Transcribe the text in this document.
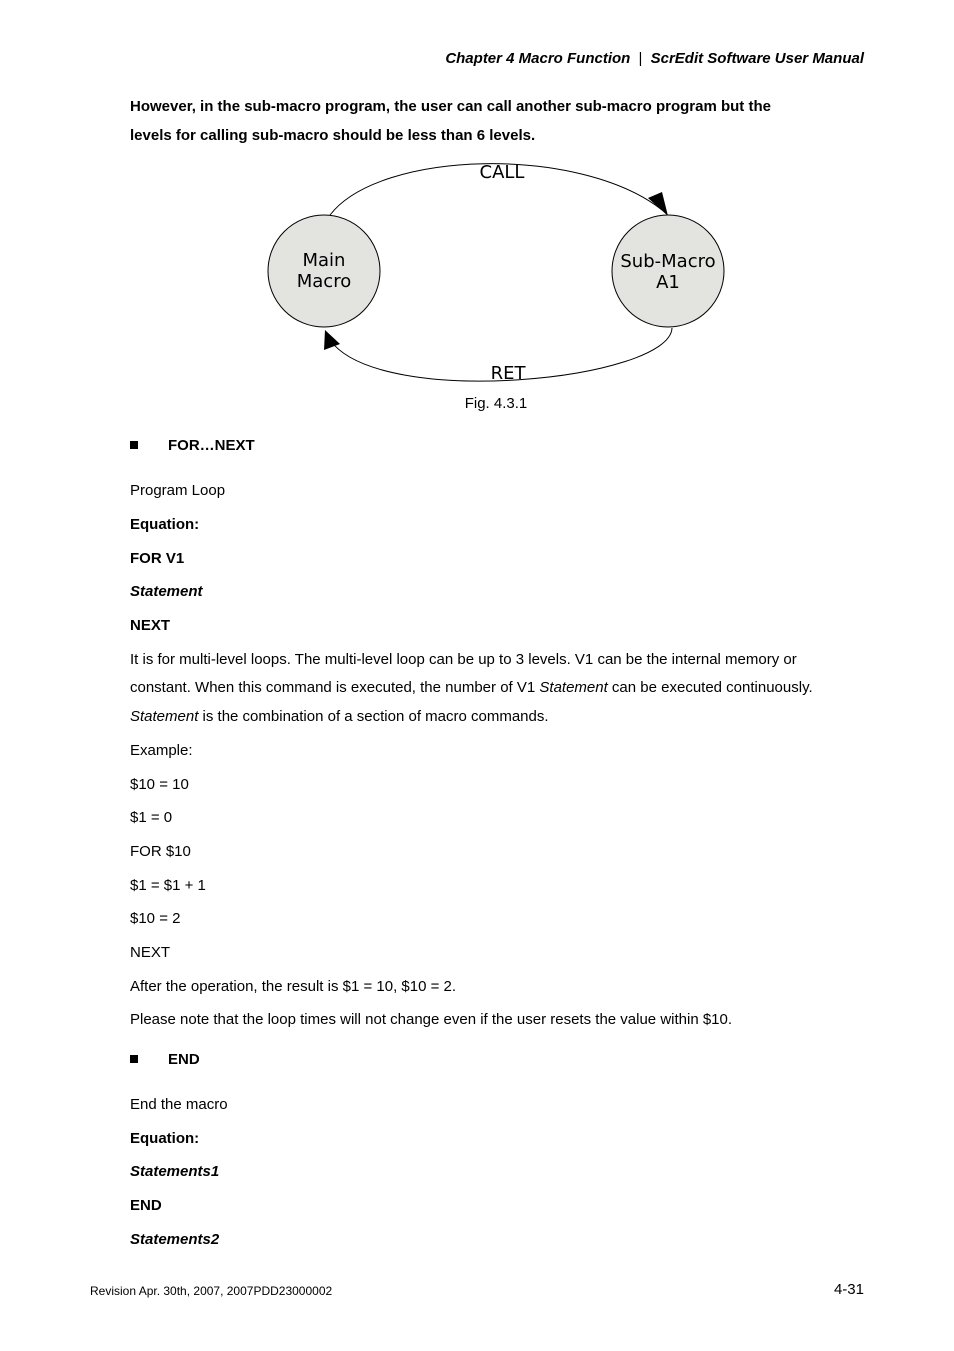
Chapter 4 Macro Function | ScrEdit Software User Manual
However, in the sub-macro program, the user can call another sub-macro program but the
levels for calling sub-macro should be less than 6 levels.
Main
Macro
Sub-Macro
A1
CALL
RET
Fig. 4.3.1
FOR…NEXT
Program Loop
Equation:
FOR V1
Statement
NEXT
It is for multi-level loops. The multi-level loop can be up to 3 levels. V1 can be the internal memory or
constant. When this command is executed, the number of V1 Statement can be executed continuously.
Statement is the combination of a section of macro commands.
Example:
$10 = 10
$1 = 0
FOR $10
$1 = $1 + 1
$10 = 2
NEXT
After the operation, the result is $1 = 10, $10 = 2.
Please note that the loop times will not change even if the user resets the value within $10.
END
End the macro
Equation:
Statements1
END
Statements2
Revision Apr. 30th, 2007, 2007PDD23000002	4-31
